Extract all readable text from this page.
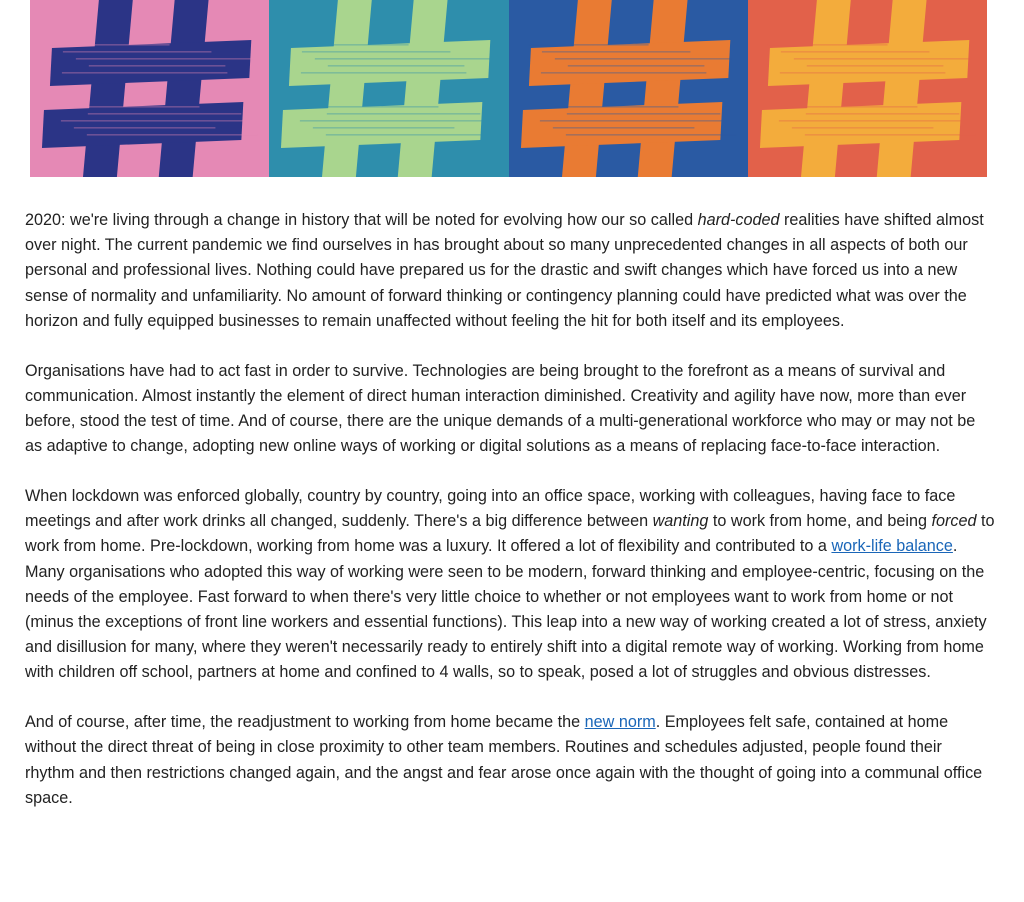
2020: we're living through a change in history that will be noted for evolving how our so called hard-coded realities have shifted almost over night. The current pandemic we find ourselves in has brought about so many unprecedented changes in all aspects of both our personal and professional lives. Nothing could have prepared us for the drastic and swift changes which have forced us into a new sense of normality and unfamiliarity. No amount of forward thinking or contingency planning could have predicted what was over the horizon and fully equipped businesses to remain unaffected without feeling the hit for both itself and its employees.

Organisations have had to act fast in order to survive. Technologies are being brought to the forefront as a means of survival and communication. Almost instantly the element of direct human interaction diminished. Creativity and agility have now, more than ever before, stood the test of time. And of course, there are the unique demands of a multi-generational workforce who may or may not be as adaptive to change, adopting new online ways of working or digital solutions as a means of replacing face-to-face interaction.

When lockdown was enforced globally, country by country, going into an office space, working with colleagues, having face to face meetings and after work drinks all changed, suddenly. There's a big difference between wanting to work from home, and being forced to work from home. Pre-lockdown, working from home was a luxury. It offered a lot of flexibility and contributed to a work-life balance. Many organisations who adopted this way of working were seen to be modern, forward thinking and employee-centric, focusing on the needs of the employee. Fast forward to when there's very little choice to whether or not employees want to work from home or not (minus the exceptions of front line workers and essential functions). This leap into a new way of working created a lot of stress, anxiety and disillusion for many, where they weren't necessarily ready to entirely shift into a digital remote way of working. Working from home with children off school, partners at home and confined to 4 walls, so to speak, posed a lot of struggles and obvious distresses.

And of course, after time, the readjustment to working from home became the new norm. Employees felt safe, contained at home without the direct threat of being in close proximity to other team members. Routines and schedules adjusted, people found their rhythm and then restrictions changed again, and the angst and fear arose once again with the thought of going into a communal office space.
